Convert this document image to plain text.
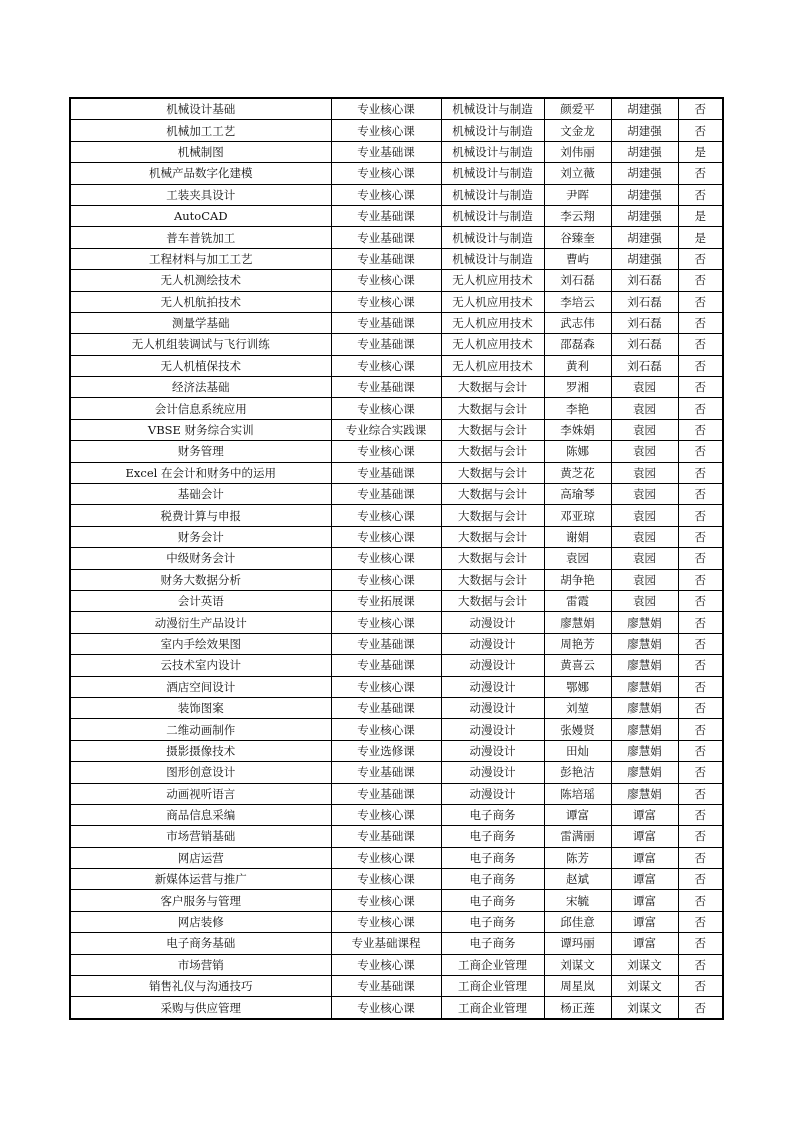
机械设计基础	专业核心课	机械设计与制造	颜爱平	胡建强	否
机械加工工艺	专业核心课	机械设计与制造	文金龙	胡建强	否
机械制图	专业基础课	机械设计与制造	刘伟丽	胡建强	是
机械产品数字化建模	专业核心课	机械设计与制造	刘立薇	胡建强	否
工装夹具设计	专业核心课	机械设计与制造	尹晖	胡建强	否
AutoCAD	专业基础课	机械设计与制造	李云翔	胡建强	是
普车普铣加工	专业基础课	机械设计与制造	谷臻奎	胡建强	是
工程材料与加工工艺	专业基础课	机械设计与制造	曹屿	胡建强	否
无人机测绘技术	专业核心课	无人机应用技术	刘石磊	刘石磊	否
无人机航拍技术	专业核心课	无人机应用技术	李培云	刘石磊	否
测量学基础	专业基础课	无人机应用技术	武志伟	刘石磊	否
无人机组装调试与飞行训练	专业基础课	无人机应用技术	邵磊森	刘石磊	否
无人机植保技术	专业核心课	无人机应用技术	黄利	刘石磊	否
经济法基础	专业基础课	大数据与会计	罗湘	袁园	否
会计信息系统应用	专业核心课	大数据与会计	李艳	袁园	否
VBSE 财务综合实训	专业综合实践课	大数据与会计	李姝娟	袁园	否
财务管理	专业核心课	大数据与会计	陈娜	袁园	否
Excel 在会计和财务中的运用	专业基础课	大数据与会计	黄芝花	袁园	否
基础会计	专业基础课	大数据与会计	高瑜琴	袁园	否
税费计算与申报	专业核心课	大数据与会计	邓亚琼	袁园	否
财务会计	专业核心课	大数据与会计	谢娟	袁园	否
中级财务会计	专业核心课	大数据与会计	袁园	袁园	否
财务大数据分析	专业核心课	大数据与会计	胡争艳	袁园	否
会计英语	专业拓展课	大数据与会计	雷霞	袁园	否
动漫衍生产品设计	专业核心课	动漫设计	廖慧娟	廖慧娟	否
室内手绘效果图	专业基础课	动漫设计	周艳芳	廖慧娟	否
云技术室内设计	专业基础课	动漫设计	黄喜云	廖慧娟	否
酒店空间设计	专业核心课	动漫设计	鄂娜	廖慧娟	否
装饰图案	专业基础课	动漫设计	刘堃	廖慧娟	否
二维动画制作	专业核心课	动漫设计	张嫚贤	廖慧娟	否
摄影摄像技术	专业选修课	动漫设计	田灿	廖慧娟	否
图形创意设计	专业基础课	动漫设计	彭艳洁	廖慧娟	否
动画视听语言	专业基础课	动漫设计	陈培瑶	廖慧娟	否
商品信息采编	专业核心课	电子商务	谭富	谭富	否
市场营销基础	专业基础课	电子商务	雷满丽	谭富	否
网店运营	专业核心课	电子商务	陈芳	谭富	否
新媒体运营与推广	专业核心课	电子商务	赵斌	谭富	否
客户服务与管理	专业核心课	电子商务	宋毓	谭富	否
网店装修	专业核心课	电子商务	邱佳意	谭富	否
电子商务基础	专业基础课程	电子商务	谭玛丽	谭富	否
市场营销	专业核心课	工商企业管理	刘谋文	刘谋文	否
销售礼仪与沟通技巧	专业基础课	工商企业管理	周星岚	刘谋文	否
采购与供应管理	专业核心课	工商企业管理	杨正莲	刘谋文	否
